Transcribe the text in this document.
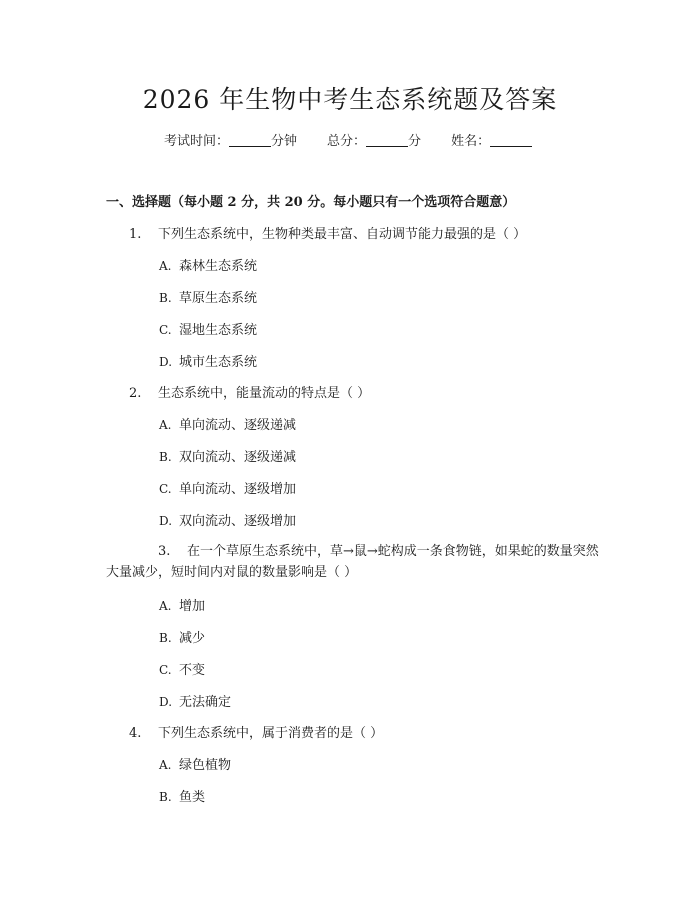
2026 年生物中考生态系统题及答案
考试时间：	分钟 总分：	分 姓名：
一、选择题（每小题 2 分，共 20 分。每小题只有一个选项符合题意）
1. 下列生态系统中，生物种类最丰富、自动调节能力最强的是（ ）
A. 森林生态系统
B. 草原生态系统
C. 湿地生态系统
D. 城市生态系统
2. 生态系统中，能量流动的特点是（ ）
A. 单向流动、逐级递减
B. 双向流动、逐级递减
C. 单向流动、逐级增加
D. 双向流动、逐级增加
3. 在一个草原生态系统中，草→鼠→蛇构成一条食物链，如果蛇的数量突然大量减少，短时间内对鼠的数量影响是（ ）
A. 增加
B. 减少
C. 不变
D. 无法确定
4. 下列生态系统中，属于消费者的是（ ）
A. 绿色植物
B. 鱼类
